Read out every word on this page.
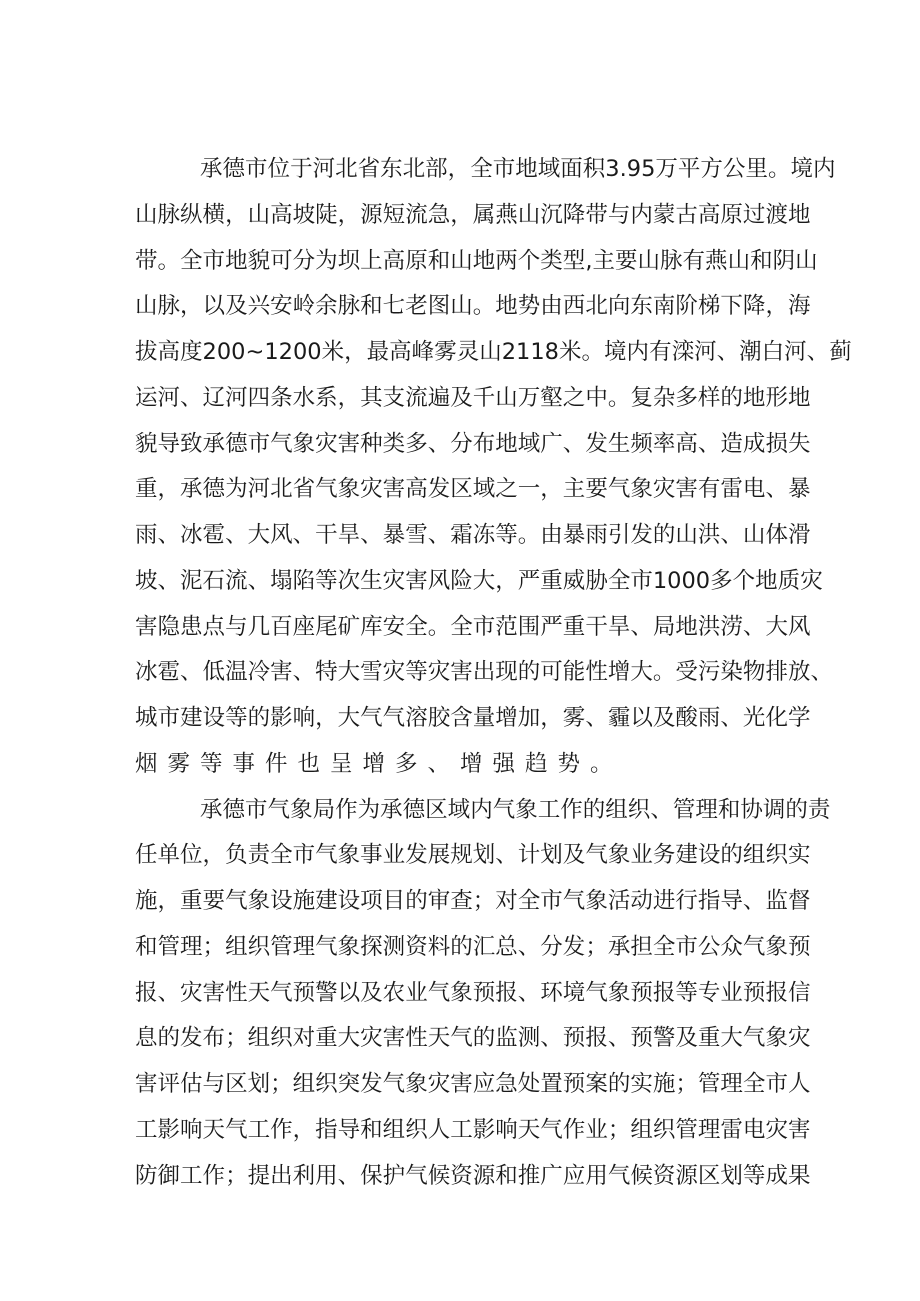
承 德 市 位 于 河 北 省 东 北 部 ， 全 市 地 域 面 积 3.95 万 平 方 公 里 。 境 内
山 脉 纵 横 ， 山 高 坡 陡 ， 源 短 流 急 ， 属 燕 山 沉 降 带 与 内 蒙 古 高 原 过 渡 地
带 。 全 市 地 貌 可 分 为 坝 上 高 原 和 山 地 两 个 类 型 , 主 要 山 脉 有 燕 山 和 阴 山
山 脉 ， 以 及 兴 安 岭 余 脉 和 七 老 图 山 。 地 势 由 西 北 向 东 南 阶 梯 下 降 ， 海
拔 高 度 200~1200 米 ， 最 高 峰 雾 灵 山 2118 米 。 境 内 有 滦 河 、 潮 白 河 、 蓟
运 河 、 辽 河 四 条 水 系 ， 其 支 流 遍 及 千 山 万 壑 之 中 。 复 杂 多 样 的 地 形 地
貌 导 致 承 德 市 气 象 灾 害 种 类 多 、 分 布 地 域 广 、 发 生 频 率 高 、 造 成 损 失
重 ， 承 德 为 河 北 省 气 象 灾 害 高 发 区 域 之 一 ， 主 要 气 象 灾 害 有 雷 电 、 暴
雨 、 冰 雹 、 大 风 、 干 旱 、 暴 雪 、 霜 冻 等 。 由 暴 雨 引 发 的 山 洪 、 山 体 滑
坡 、 泥 石 流 、 塌 陷 等 次 生 灾 害 风 险 大 ， 严 重 威 胁 全 市 1000 多 个 地 质 灾
害 隐 患 点 与 几 百 座 尾 矿 库 安 全 。 全 市 范 围 严 重 干 旱 、 局 地 洪 涝 、 大 风
冰 雹 、 低 温 冷 害 、 特 大 雪 灾 等 灾 害 出 现 的 可 能 性 增 大 。 受 污 染 物 排 放 、
城 市 建 设 等 的 影 响 ， 大 气 气 溶 胶 含 量 增 加 ， 雾 、 霾 以 及 酸 雨 、 光 化 学
烟雾等事件也呈增多、增强趋势。
承 德 市 气 象 局 作 为 承 德 区 域 内 气 象 工 作 的 组 织 、 管 理 和 协 调 的 责
任 单 位 ， 负 责 全 市 气 象 事 业 发 展 规 划 、 计 划 及 气 象 业 务 建 设 的 组 织 实
施 ， 重 要 气 象 设 施 建 设 项 目 的 审 查 ； 对 全 市 气 象 活 动 进 行 指 导 、 监 督
和 管 理 ； 组 织 管 理 气 象 探 测 资 料 的 汇 总 、 分 发 ； 承 担 全 市 公 众 气 象 预
报 、 灾 害 性 天 气 预 警 以 及 农 业 气 象 预 报 、 环 境 气 象 预 报 等 专 业 预 报 信
息 的 发 布 ； 组 织 对 重 大 灾 害 性 天 气 的 监 测 、 预 报 、 预 警 及 重 大 气 象 灾
害 评 估 与 区 划 ； 组 织 突 发 气 象 灾 害 应 急 处 置 预 案 的 实 施 ； 管 理 全 市 人
工 影 响 天 气 工 作 ， 指 导 和 组 织 人 工 影 响 天 气 作 业 ； 组 织 管 理 雷 电 灾 害
防 御 工 作 ； 提 出 利 用 、 保 护 气 候 资 源 和 推 广 应 用 气 候 资 源 区 划 等 成 果
